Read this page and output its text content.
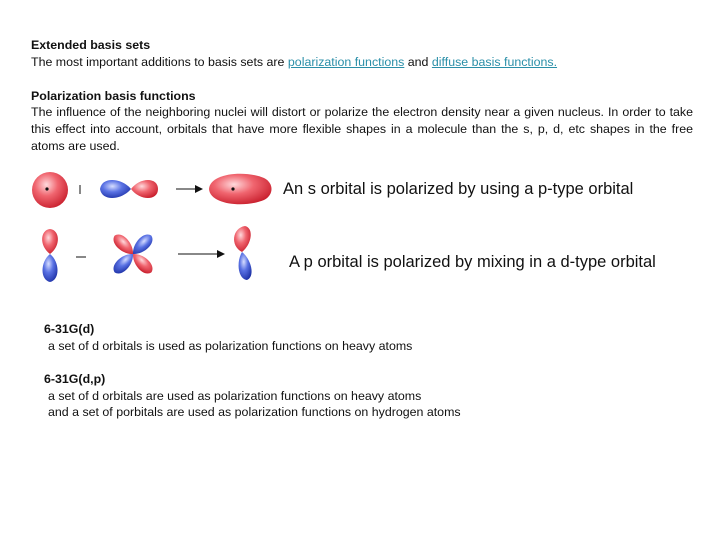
Extended basis sets
The most important additions to basis sets are polarization functions and diffuse basis functions.
Polarization basis functions
The influence of the neighboring nuclei will distort or polarize the electron density near a given nucleus. In order to take this effect into account, orbitals that have more flexible shapes in a molecule than the s, p, d, etc shapes in the free atoms are used.
An s orbital is polarized by using a p-type orbital
A p orbital is polarized by mixing in a d-type orbital
6-31G(d)
a set of d orbitals is used as polarization functions on heavy atoms
6-31G(d,p)
a set of d orbitals are used as polarization functions on heavy atoms
and a set of porbitals are used as polarization functions on hydrogen atoms
